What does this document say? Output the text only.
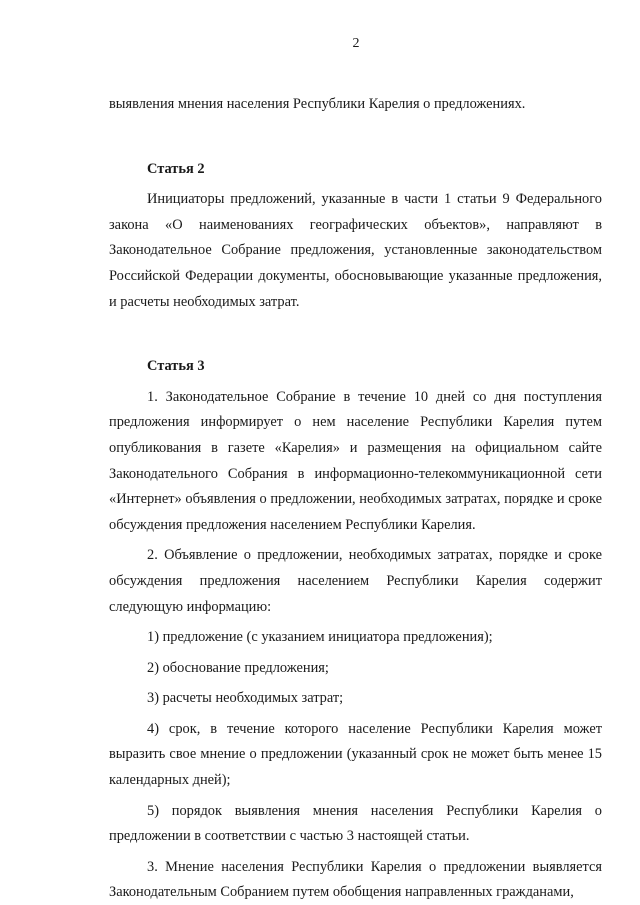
2

выявления мнения населения Республики Карелия о предложениях.

Статья 2

Инициаторы предложений, указанные в части 1 статьи 9 Федерального закона «О наименованиях географических объектов», направляют в Законодательное Собрание предложения, установленные законодательством Российской Федерации документы, обосновывающие указанные предложения, и расчеты необходимых затрат.

Статья 3

1. Законодательное Собрание в течение 10 дней со дня поступления предложения информирует о нем население Республики Карелия путем опубликования в газете «Карелия» и размещения на официальном сайте Законодательного Собрания в информационно-телекоммуникационной сети «Интернет» объявления о предложении, необходимых затратах, порядке и сроке обсуждения предложения населением Республики Карелия.

2. Объявление о предложении, необходимых затратах, порядке и сроке обсуждения предложения населением Республики Карелия содержит следующую информацию:

1) предложение (с указанием инициатора предложения);

2) обоснование предложения;

3) расчеты необходимых затрат;

4) срок, в течение которого население Республики Карелия может выразить свое мнение о предложении (указанный срок не может быть менее 15 календарных дней);

5) порядок выявления мнения населения Республики Карелия о предложении в соответствии с частью 3 настоящей статьи.

3. Мнение населения Республики Карелия о предложении выявляется Законодательным Собранием путем обобщения направленных гражданами,
